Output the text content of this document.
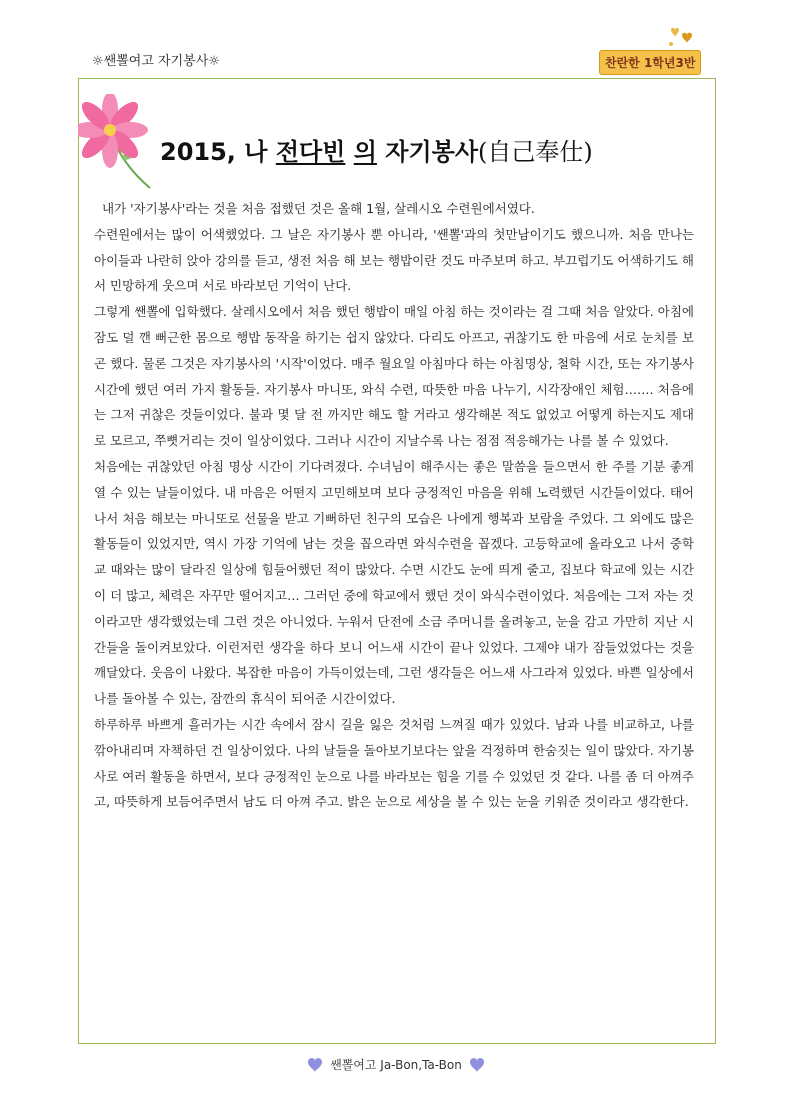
☼쌘뽈여고 자기봉사☼	찬란한 1학년3반
2015, 나 전다빈 의 자기봉사(自己奉仕)

내가 '자기봉사'라는 것을 처음 접했던 것은 올해 1월, 살레시오 수련원에서였다.

수련원에서는 많이 어색했었다. 그 날은 자기봉사 뿐 아니라, '쌘뽈'과의 첫만남이기도 했으니까. 처음 만나는 아이들과 나란히 앉아 강의를 듣고, 생전 처음 해 보는 행밥이란 것도 마주보며 하고. 부끄럽기도 어색하기도 해서 민망하게 웃으며 서로 바라보던 기억이 난다.

그렇게 쌘뽈에 입학했다. 살레시오에서 처음 했던 행밥이 매일 아침 하는 것이라는 걸 그때 처음 알았다. 아침에 잠도 덜 깬 뻐근한 몸으로 행밥 동작을 하기는 쉽지 않았다. 다리도 아프고, 귀찮기도 한 마음에 서로 눈치를 보곤 했다. 물론 그것은 자기봉사의 '시작'이었다. 매주 월요일 아침마다 하는 아침명상, 철학 시간, 또는 자기봉사 시간에 했던 여러 가지 활동들. 자기봉사 마니또, 와식 수련, 따뜻한 마음 나누기, 시각장애인 체험……. 처음에는 그저 귀찮은 것들이었다. 불과 몇 달 전 까지만 해도 할 거라고 생각해본 적도 없었고 어떻게 하는지도 제대로 모르고, 쭈뼛거리는 것이 일상이었다. 그러나 시간이 지날수록 나는 점점 적응해가는 나를 볼 수 있었다.

처음에는 귀찮았던 아침 명상 시간이 기다려졌다. 수녀님이 해주시는 좋은 말씀을 들으면서 한 주를 기분 좋게 열 수 있는 날들이었다. 내 마음은 어떤지 고민해보며 보다 긍정적인 마음을 위해 노력했던 시간들이었다. 태어나서 처음 해보는 마니또로 선물을 받고 기뻐하던 친구의 모습은 나에게 행복과 보람을 주었다. 그 외에도 많은 활동들이 있었지만, 역시 가장 기억에 남는 것을 꼽으라면 와식수련을 꼽겠다. 고등학교에 올라오고 나서 중학교 때와는 많이 달라진 일상에 힘들어했던 적이 많았다. 수면 시간도 눈에 띄게 줄고, 집보다 학교에 있는 시간이 더 많고, 체력은 자꾸만 떨어지고… 그러던 중에 학교에서 했던 것이 와식수련이었다. 처음에는 그저 자는 것이라고만 생각했었는데 그런 것은 아니었다. 누워서 단전에 소금 주머니를 올려놓고, 눈을 감고 가만히 지난 시간들을 돌이켜보았다. 이런저런 생각을 하다 보니 어느새 시간이 끝나 있었다. 그제야 내가 잠들었었다는 것을 깨달았다. 웃음이 나왔다. 복잡한 마음이 가득이었는데, 그런 생각들은 어느새 사그라져 있었다. 바쁜 일상에서 나를 돌아볼 수 있는, 잠깐의 휴식이 되어준 시간이었다.

하루하루 바쁘게 흘러가는 시간 속에서 잠시 길을 잃은 것처럼 느껴질 때가 있었다. 남과 나를 비교하고, 나를 깎아내리며 자책하던 건 일상이었다. 나의 날들을 돌아보기보다는 앞을 걱정하며 한숨짓는 일이 많았다. 자기봉사로 여러 활동을 하면서, 보다 긍정적인 눈으로 나를 바라보는 힘을 기를 수 있었던 것 같다. 나를 좀 더 아껴주고, 따뜻하게 보듬어주면서 남도 더 아껴 주고. 밝은 눈으로 세상을 볼 수 있는 눈을 키워준 것이라고 생각한다.

쌘뽈여고 Ja-Bon,Ta-Bon
